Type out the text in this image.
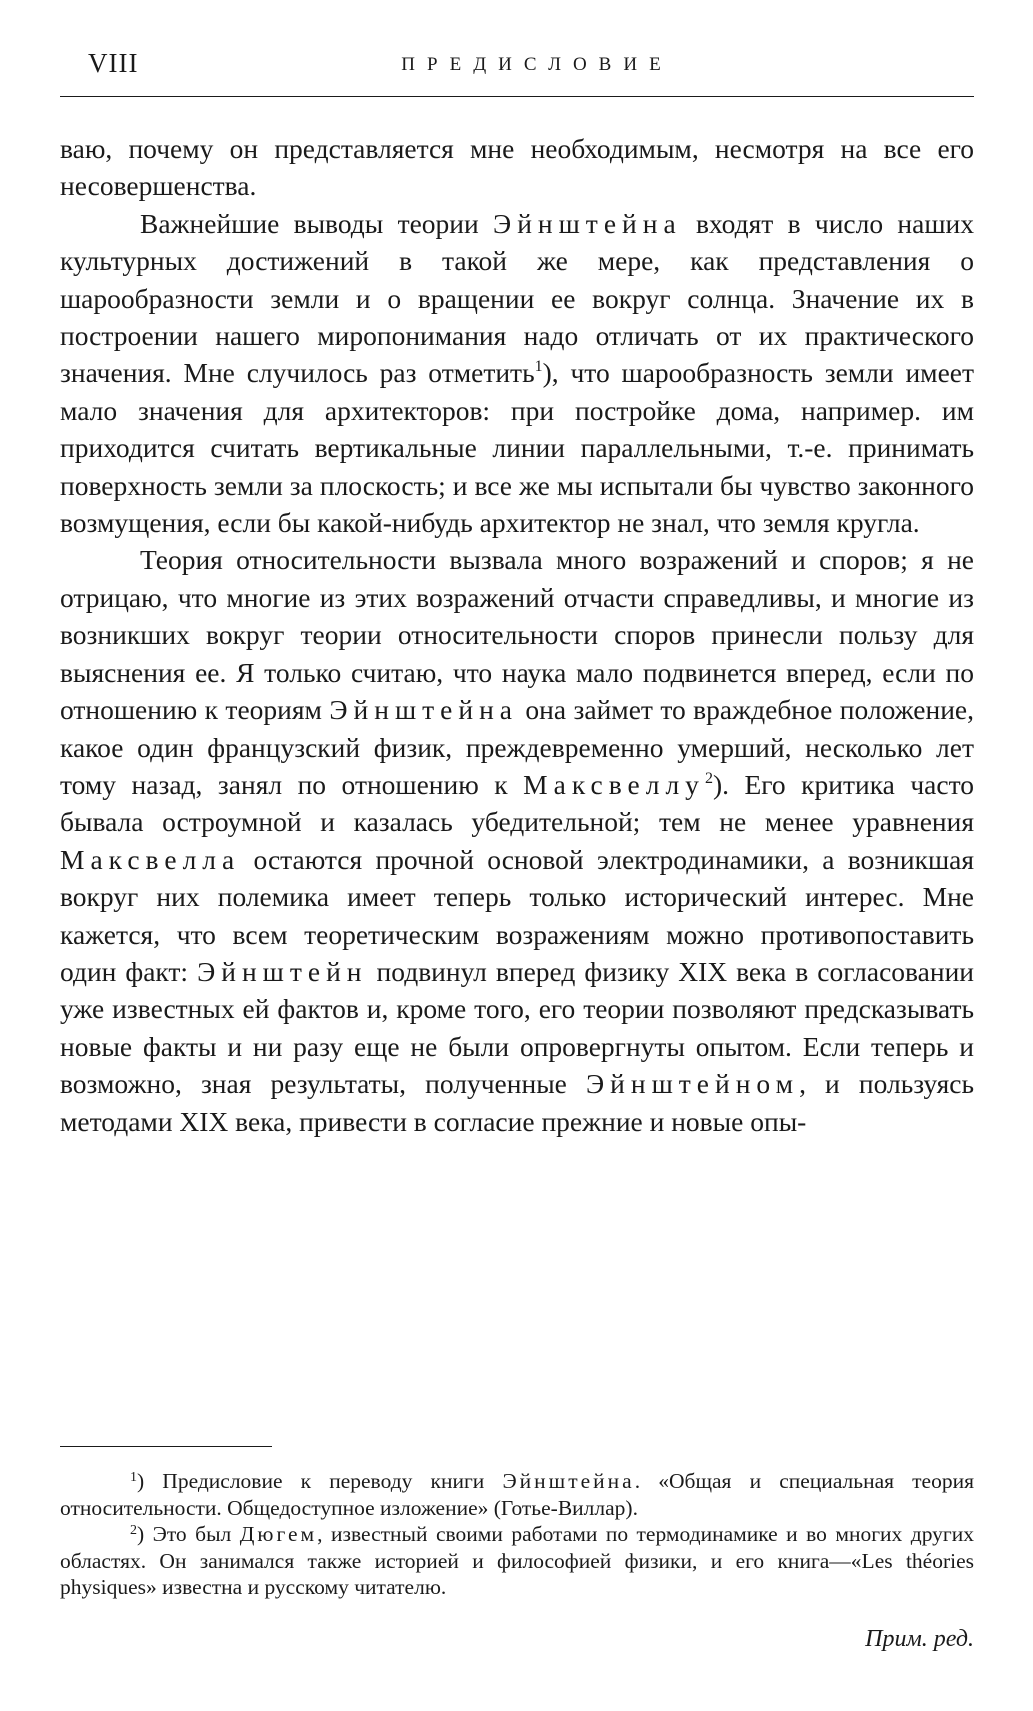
VIII	ПРЕДИСЛОВИЕ

ваю, почему он представляется мне необходимым, несмотря на все его несовершенства.

Важнейшие выводы теории Эйнштейна входят в число наших культурных достижений в такой же мере, как представления о шарообразности земли и о вращении ее вокруг солнца. Значение их в построении нашего миропонимания надо отличать от их практического значения. Мне случилось раз отметить$^1$), что шарообразность земли имеет мало значения для архитекторов: при постройке дома, например. им приходится считать вертикальные линии параллельными, т.-е. принимать поверхность земли за плоскость; и все же мы испытали бы чувство законного возмущения, если бы какой-нибудь архитектор не знал, что земля кругла.

Теория относительности вызвала много возражений и споров; я не отрицаю, что многие из этих возражений отчасти справедливы, и многие из возникших вокруг теории относительности споров принесли пользу для выяснения ее. Я только считаю, что наука мало подвинется вперед, если по отношению к теориям Эйнштейна она займет то враждебное положение, какое один французский физик, преждевременно умерший, несколько лет тому назад, занял по отношению к Максвеллу$^2$). Его критика часто бывала остроумной и казалась убедительной; тем не менее уравнения Максвелла остаются прочной основой электродинамики, а возникшая вокруг них полемика имеет теперь только исторический интерес. Мне кажется, что всем теоретическим возражениям можно противопоставить один факт: Эйнштейн подвинул вперед физику XIX века в согласовании уже известных ей фактов и, кроме того, его теории позволяют предсказывать новые факты и ни разу еще не были опровергнуты опытом. Если теперь и возможно, зная результаты, полученные Эйнштейном, и пользуясь методами XIX века, привести в согласие прежние и новые опы-

$^1$) Предисловие к переводу книги Эйнштейна. «Общая и специальная теория относительности. Общедоступное изложение» (Готье-Виллар).

$^2$) Это был Дюгем, известный своими работами по термодинамике и во многих других областях. Он занимался также историей и философией физики, и его книга—«Les théories physiques» известна и русскому читателю.

Прим. ред.
